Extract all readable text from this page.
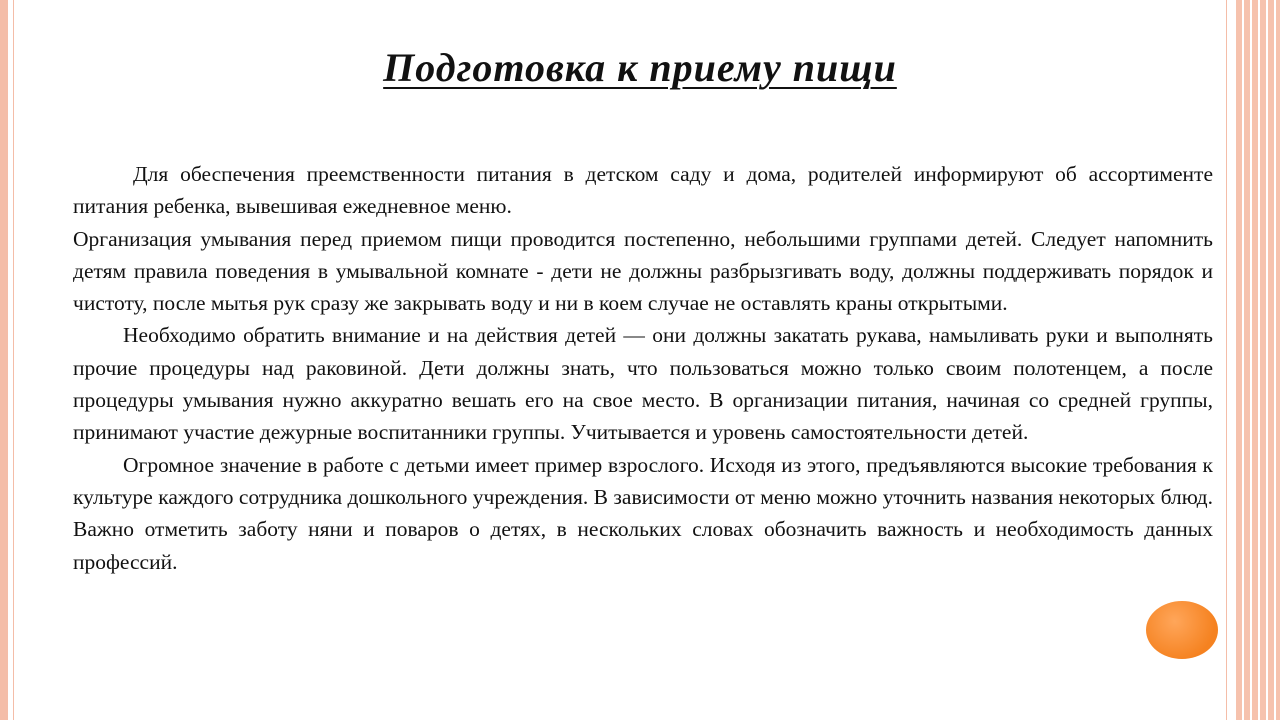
Подготовка к приему пищи

Для обеспечения преемственности питания в детском саду и дома, родителей информируют об ассортименте питания ребенка, вывешивая ежедневное меню.

Организация умывания перед приемом пищи проводится постепенно, небольшими группами детей. Следует напомнить детям правила поведения в умывальной комнате - дети не должны разбрызгивать воду, должны поддерживать порядок и чистоту, после мытья рук сразу же закрывать воду и ни в коем случае не оставлять краны открытыми.

Необходимо обратить внимание и на действия детей — они должны закатать рукава, намыливать руки и выполнять прочие процедуры над раковиной. Дети должны знать, что пользоваться можно только своим полотенцем, а после процедуры умывания нужно аккуратно вешать его на свое место. В организации питания, начиная со средней группы, принимают участие дежурные воспитанники группы. Учитывается и уровень самостоятельности детей.

Огромное значение в работе с детьми имеет пример взрослого. Исходя из этого, предъявляются высокие требования к культуре каждого сотрудника дошкольного учреждения. В зависимости от меню можно уточнить названия некоторых блюд. Важно отметить заботу няни и поваров о детях, в нескольких словах обозначить важность и необходимость данных профессий.
